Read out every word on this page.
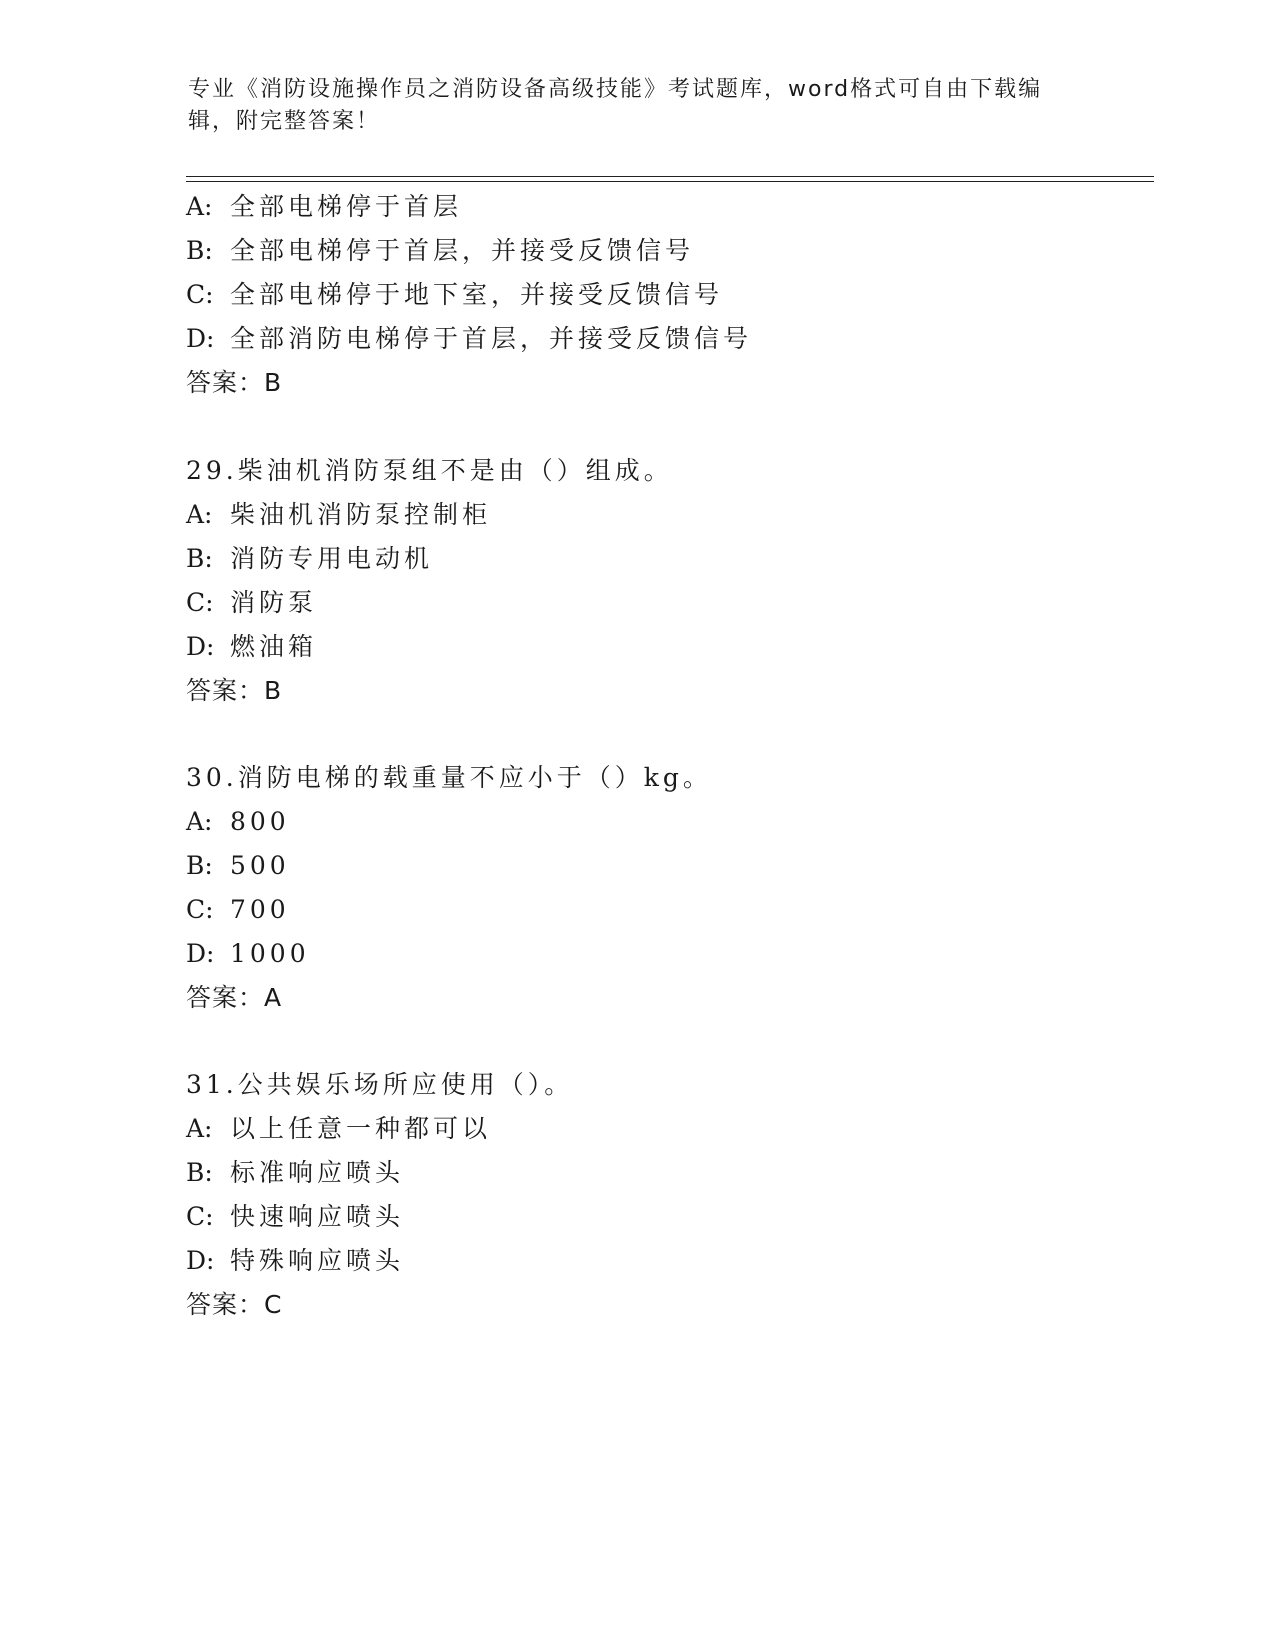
专业《消防设施操作员之消防设备高级技能》考试题库，word格式可自由下载编
辑，附完整答案！
A: 全部电梯停于首层
B: 全部电梯停于首层，并接受反馈信号
C: 全部电梯停于地下室，并接受反馈信号
D: 全部消防电梯停于首层，并接受反馈信号
答案：B
29.柴油机消防泵组不是由（）组成。
A: 柴油机消防泵控制柜
B: 消防专用电动机
C: 消防泵
D: 燃油箱
答案：B
30.消防电梯的载重量不应小于（）kg。
A: 800
B: 500
C: 700
D: 1000
答案：A
31.公共娱乐场所应使用（）。
A: 以上任意一种都可以
B: 标准响应喷头
C: 快速响应喷头
D: 特殊响应喷头
答案：C
